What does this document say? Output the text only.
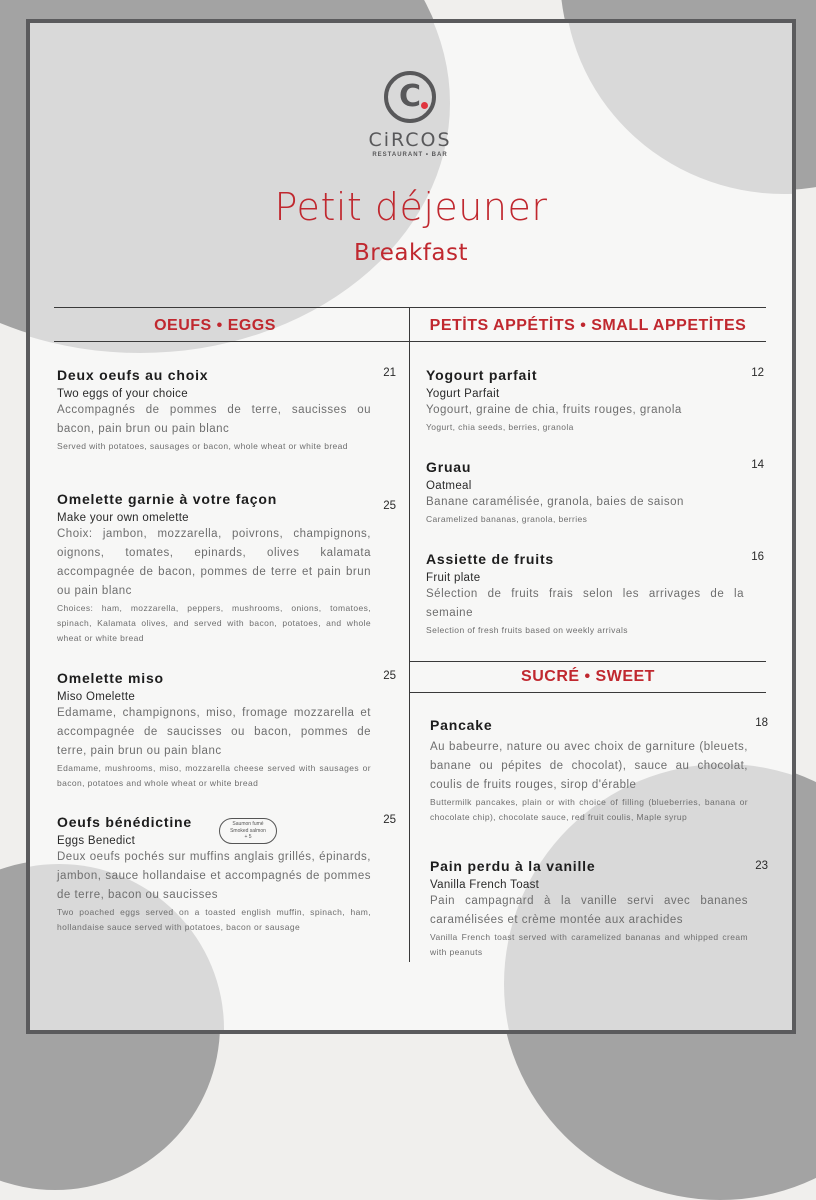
C
CiRCOS
RESTAURANT • BAR
Petit déjeuner
Breakfast
OEUFS • EGGS	PETİTS APPÉTİTS • SMALL APPETİTES
SUCRÉ • SWEET
Deux oeufs au choix
Two eggs of your choice
Accompagnés de pommes de terre, saucisses ou bacon, pain brun ou pain blanc
Served with potatoes, sausages or bacon, whole wheat or white bread
21
Omelette garnie à votre façon
Make your own omelette
Choix: jambon, mozzarella, poivrons, champignons, oignons, tomates, epinards, olives kalamata accompagnée de bacon, pommes de terre et pain brun ou pain blanc
Choices: ham, mozzarella, peppers, mushrooms, onions, tomatoes, spinach, Kalamata olives, and served with bacon, potatoes, and whole wheat or white bread
25
Omelette miso
Miso Omelette
Edamame, champignons, miso, fromage mozzarella et accompagnée de saucisses ou bacon, pommes de terre, pain brun ou pain blanc
Edamame, mushrooms, miso, mozzarella cheese served with sausages or bacon, potatoes and whole wheat or white bread
25
Oeufs bénédictine
Eggs Benedict
Deux oeufs pochés sur muffins anglais grillés, épinards, jambon, sauce hollandaise et accompagnés de pommes de terre, bacon ou saucisses
Two poached eggs served on a toasted english muffin, spinach, ham, hollandaise sauce served with potatoes, bacon or sausage
25
Saumon fumé
Smoked salmon
+ 5
Yogourt parfait
Yogurt Parfait
Yogourt, graine de chia, fruits rouges, granola
Yogurt, chia seeds, berries, granola
12
Gruau
Oatmeal
Banane caramélisée, granola, baies de saison
Caramelized bananas, granola, berries
14
Assiette de fruits
Fruit plate
Sélection de fruits frais selon les arrivages de la semaine
Selection of fresh fruits based on weekly arrivals
16
Pancake
Au babeurre, nature ou avec choix de garniture (bleuets, banane ou pépites de chocolat), sauce au chocolat, coulis de fruits rouges, sirop d'érable
Buttermilk pancakes, plain or with choice of filling (blueberries, banana or chocolate chip), chocolate sauce, red fruit coulis, Maple syrup
18
Pain perdu à la vanille
Vanilla French Toast
Pain campagnard à la vanille servi avec bananes caramélisées et crème montée aux arachides
Vanilla French toast served with caramelized bananas and whipped cream with peanuts
23
